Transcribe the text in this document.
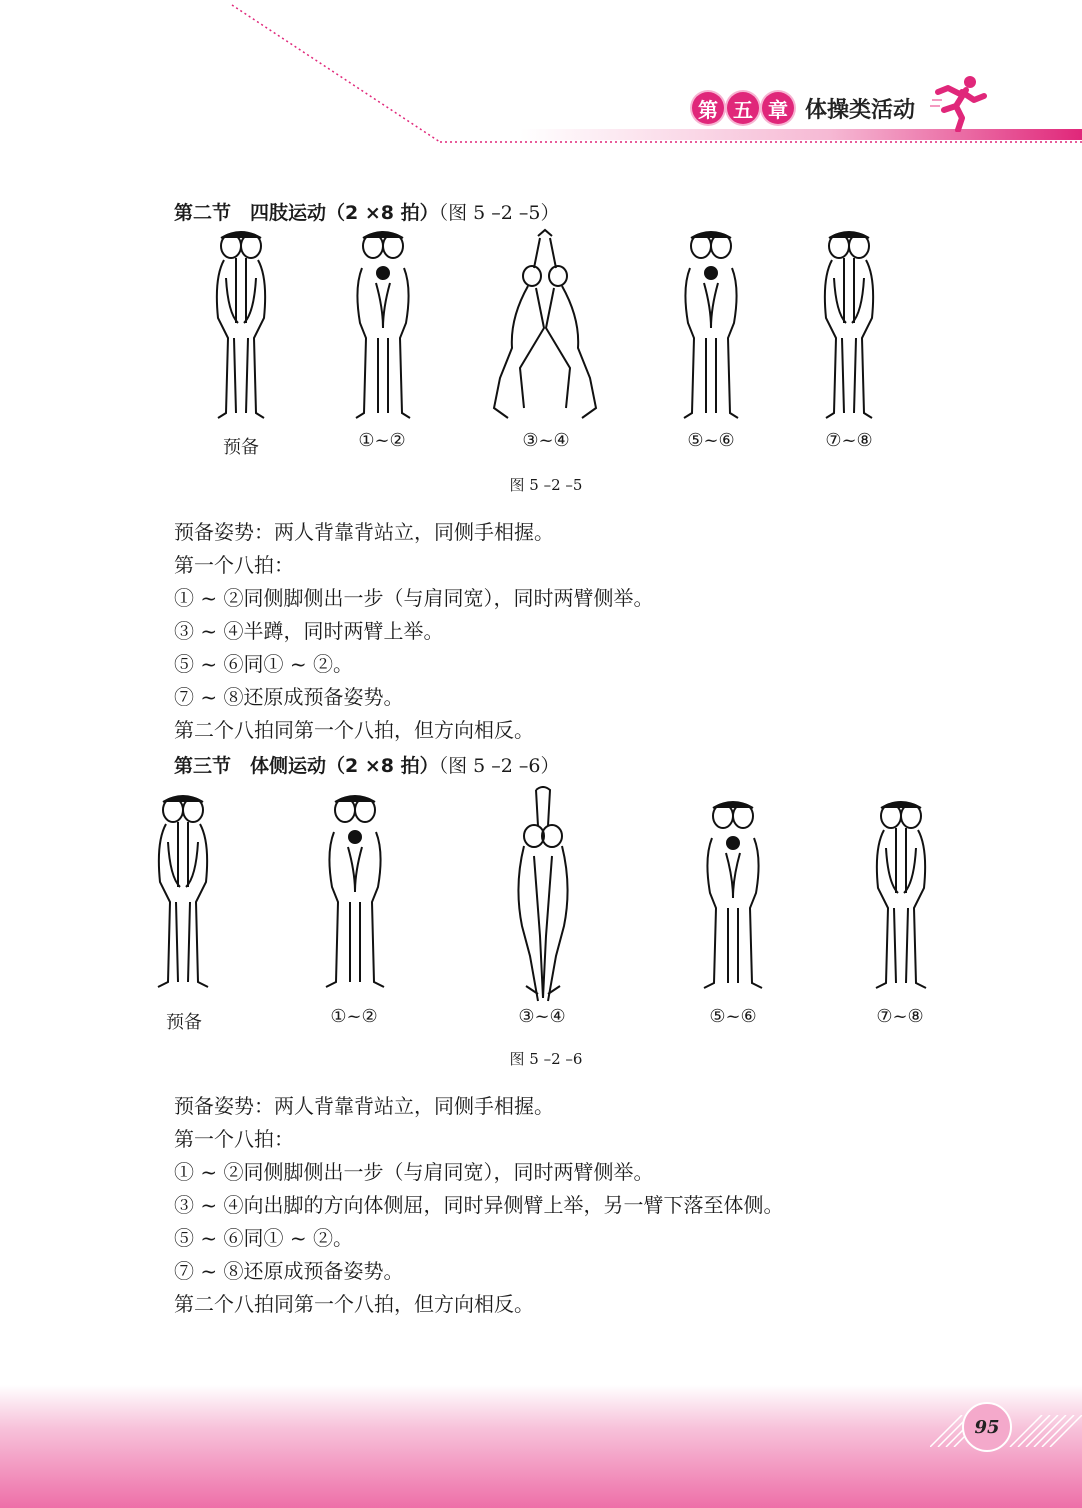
第 五 章 体操类活动
第二节　四肢运动（2 ×8 拍）（图 5 –2 –5）
预备	①~②	③~④	⑤~⑥	⑦~⑧
图 5 –2 –5

预备姿势：两人背靠背站立，同侧手相握。

第一个八拍：

① ~ ②同侧脚侧出一步（与肩同宽），同时两臂侧举。

③ ~ ④半蹲，同时两臂上举。

⑤ ~ ⑥同① ~ ②。

⑦ ~ ⑧还原成预备姿势。

第二个八拍同第一个八拍，但方向相反。

第三节　体侧运动（2 ×8 拍）（图 5 –2 –6）
预备	①~②	③~④	⑤~⑥	⑦~⑧
图 5 –2 –6

预备姿势：两人背靠背站立，同侧手相握。

第一个八拍：

① ~ ②同侧脚侧出一步（与肩同宽），同时两臂侧举。

③ ~ ④向出脚的方向体侧屈，同时异侧臂上举，另一臂下落至体侧。

⑤ ~ ⑥同① ~ ②。

⑦ ~ ⑧还原成预备姿势。

第二个八拍同第一个八拍，但方向相反。

95
